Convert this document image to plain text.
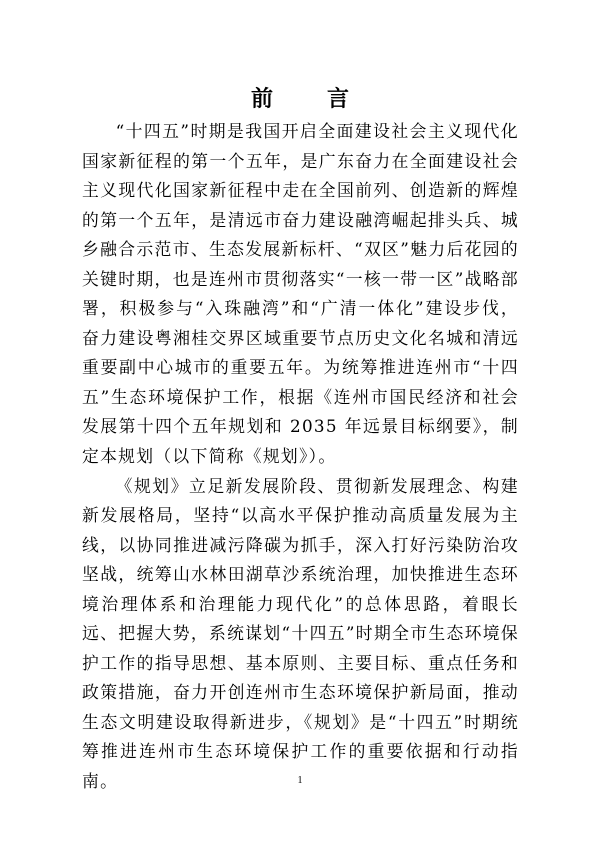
前　言

“十四五”时期是我国开启全面建设社会主义现代化国家新征程的第一个五年，是广东奋力在全面建设社会主义现代化国家新征程中走在全国前列、创造新的辉煌的第一个五年，是清远市奋力建设融湾崛起排头兵、城乡融合示范市、生态发展新标杆、“双区”魅力后花园的关键时期，也是连州市贯彻落实“一核一带一区”战略部署，积极参与“入珠融湾”和“广清一体化”建设步伐，奋力建设粤湘桂交界区域重要节点历史文化名城和清远重要副中心城市的重要五年。为统筹推进连州市“十四五”生态环境保护工作，根据《连州市国民经济和社会发展第十四个五年规划和 2035 年远景目标纲要》，制定本规划（以下简称《规划》）。

《规划》立足新发展阶段、贯彻新发展理念、构建新发展格局，坚持“以高水平保护推动高质量发展为主线，以协同推进减污降碳为抓手，深入打好污染防治攻坚战，统筹山水林田湖草沙系统治理，加快推进生态环境治理体系和治理能力现代化”的总体思路，着眼长远、把握大势，系统谋划“十四五”时期全市生态环境保护工作的指导思想、基本原则、主要目标、重点任务和政策措施，奋力开创连州市生态环境保护新局面，推动生态文明建设取得新进步，《规划》是“十四五”时期统筹推进连州市生态环境保护工作的重要依据和行动指南。	1
